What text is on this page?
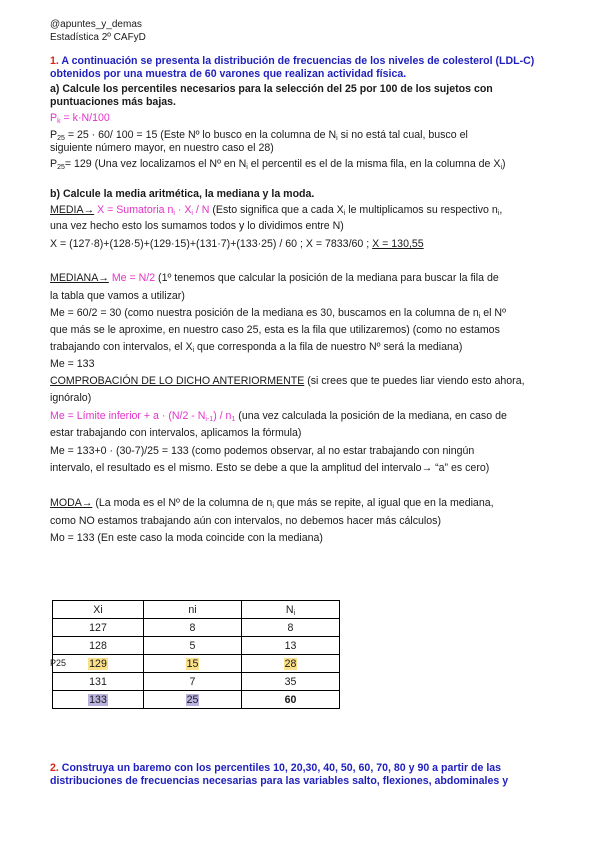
@apuntes_y_demas
Estadística 2º CAFyD
1. A continuación se presenta la distribución de frecuencias de los niveles de colesterol (LDL-C)
obtenidos por una muestra de 60 varones que realizan actividad física.
a) Calcule los percentiles necesarios para la selección del 25 por 100 de los sujetos con
puntuaciones más bajas.
$P_k = k\cdot N/100$
$P_{25} = 25 \cdot 60/$ 100 = 15 (Este Nº lo busco en la columna de $N_i$ si no está tal cual, busco el
siguiente número mayor, en nuestro caso el 28)
$P_{25}= 129$ (Una vez localizamos el Nº en $N_i$ el percentil es el de la misma fila, en la columna de $X_i$)
b) Calcule la media aritmética, la mediana y la moda.
MEDIA→ X = Sumatoria $n_i \cdot X_i / N$ (Esto significa que a cada $X_i$ le multiplicamos su respectivo $n_i$,
una vez hecho esto los sumamos todos y lo dividimos entre N)
X = (127·8)+(128·5)+(129·15)+(131·7)+(133·25) / 60 ; X = 7833/60 ; X = 130,55
MEDIANA→ Me = N/2 (1º tenemos que calcular la posición de la mediana para buscar la fila de
la tabla que vamos a utilizar)
Me = 60/2 = 30 (como nuestra posición de la mediana es 30, buscamos en la columna de $n_i$ el Nº
que más se le aproxime, en nuestro caso 25, esta es la fila que utilizaremos) (como no estamos
trabajando con intervalos, el $X_i$ que corresponda a la fila de nuestro Nº será la mediana)
Me = 133
COMPROBACIÓN DE LO DICHO ANTERIORMENTE (si crees que te puedes liar viendo esto ahora,
ignóralo)
Me = Límite inferior + $a \cdot (N/2 - N_{i-1}) / n_1$ (una vez calculada la posición de la mediana, en caso de
estar trabajando con intervalos, aplicamos la fórmula)
Me = 133+0 · (30-7)/25 = 133 (como podemos observar, al no estar trabajando con ningún
intervalo, el resultado es el mismo. Esto se debe a que la amplitud del intervalo→ “a” es cero)
MODA→ (La moda es el Nº de la columna de $n_i$ que más se repite, al igual que en la mediana,
como NO estamos trabajando aún con intervalos, no debemos hacer más cálculos)
Mo = 133 (En este caso la moda coincide con la mediana)
Xi	ni	$N_i$
127	8	8
128	5	13
129	15	28
131	7	35
133	25	60
P25
2. Construya un baremo con los percentiles 10, 20,30, 40, 50, 60, 70, 80 y 90 a partir de las
distribuciones de frecuencias necesarias para las variables salto, flexiones, abdominales y
